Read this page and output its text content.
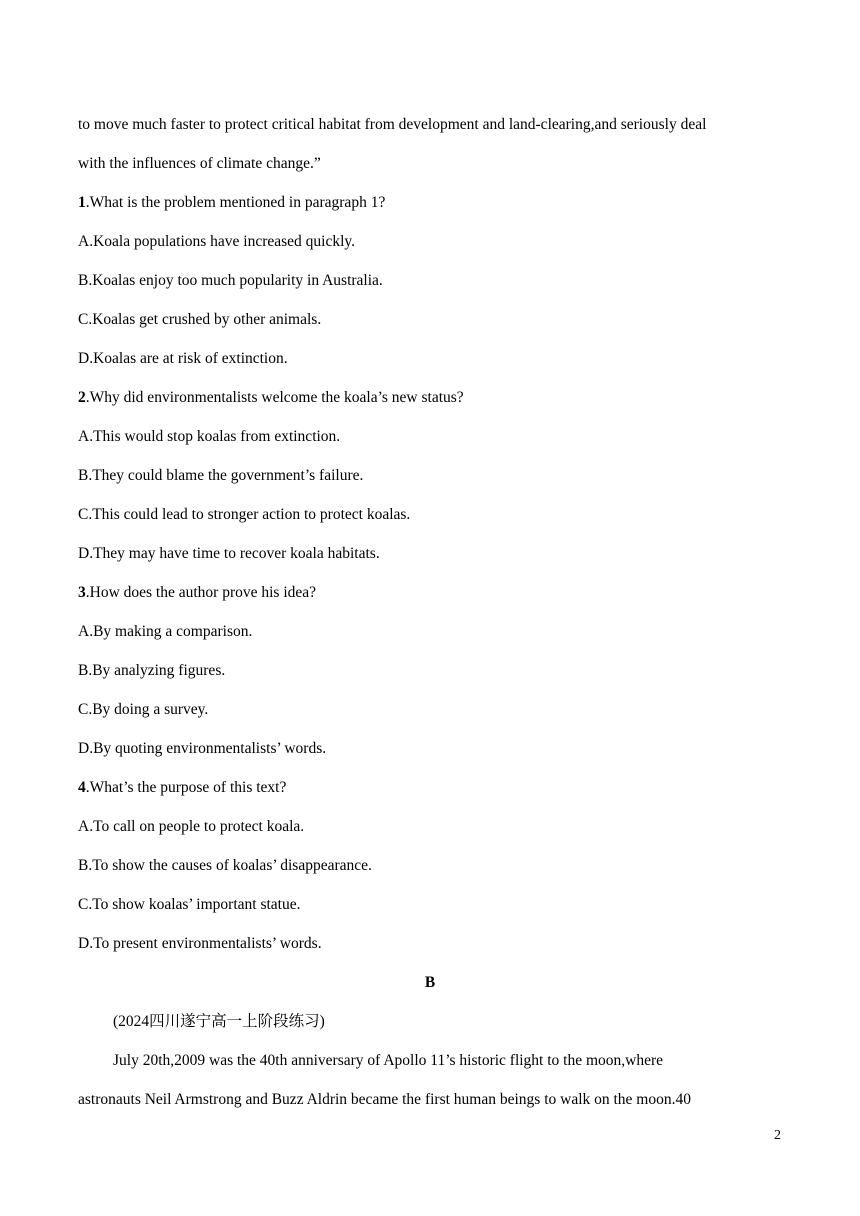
to move much faster to protect critical habitat from development and land-clearing,and seriously deal
with the influences of climate change.”
1.What is the problem mentioned in paragraph 1?
A.Koala populations have increased quickly.
B.Koalas enjoy too much popularity in Australia.
C.Koalas get crushed by other animals.
D.Koalas are at risk of extinction.
2.Why did environmentalists welcome the koala’s new status?
A.This would stop koalas from extinction.
B.They could blame the government’s failure.
C.This could lead to stronger action to protect koalas.
D.They may have time to recover koala habitats.
3.How does the author prove his idea?
A.By making a comparison.
B.By analyzing figures.
C.By doing a survey.
D.By quoting environmentalists’ words.
4.What’s the purpose of this text?
A.To call on people to protect koala.
B.To show the causes of koalas’ disappearance.
C.To show koalas’ important statue.
D.To present environmentalists’ words.
B
(2024四川遂宁高一上阶段练习)
July 20th,2009 was the 40th anniversary of Apollo 11’s historic flight to the moon,where
astronauts Neil Armstrong and Buzz Aldrin became the first human beings to walk on the moon.40
2
